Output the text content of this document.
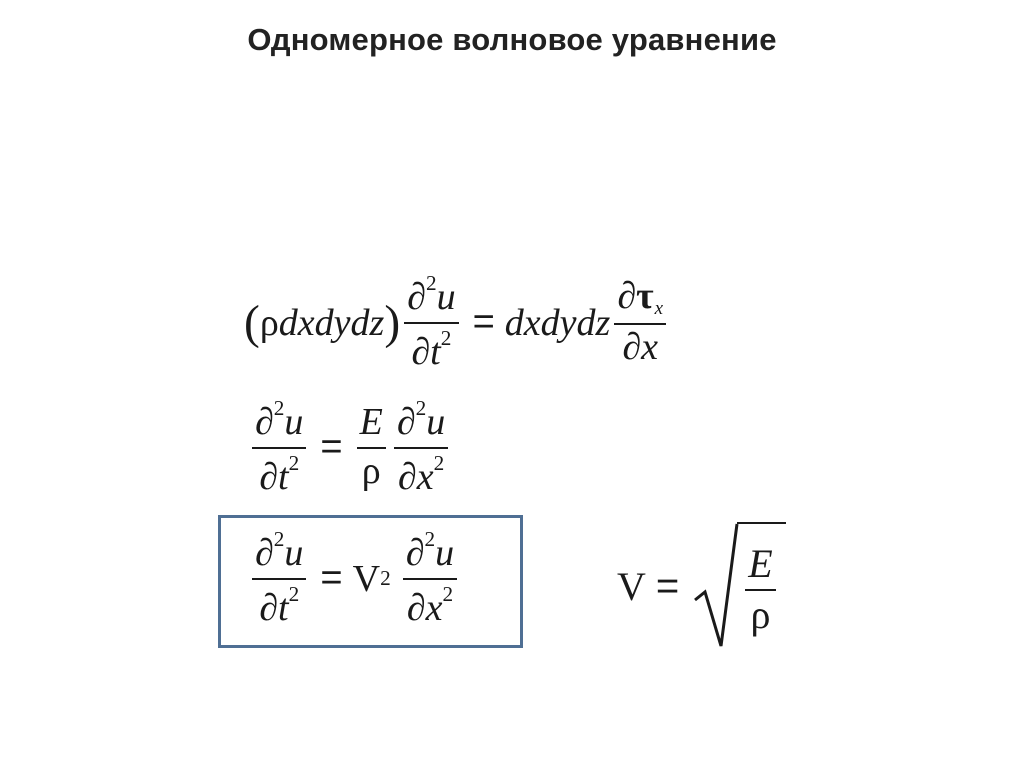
Одномерное волновое уравнение
( ρ dxdydz ) $\frac{\partial^2u}{\partial t^2}$ = dxdydz $\frac{\partial\tau_x}{\partial x}$
$\frac{\partial^2u}{\partial t^2} = \frac{E}{\rho} \frac{\partial^2u}{\partial x^2}$
$\frac{\partial^2u}{\partial t^2} = V$ $2 \frac{\partial^2u}{\partial x^2}$	$V = \frac{E}{\rho}$
